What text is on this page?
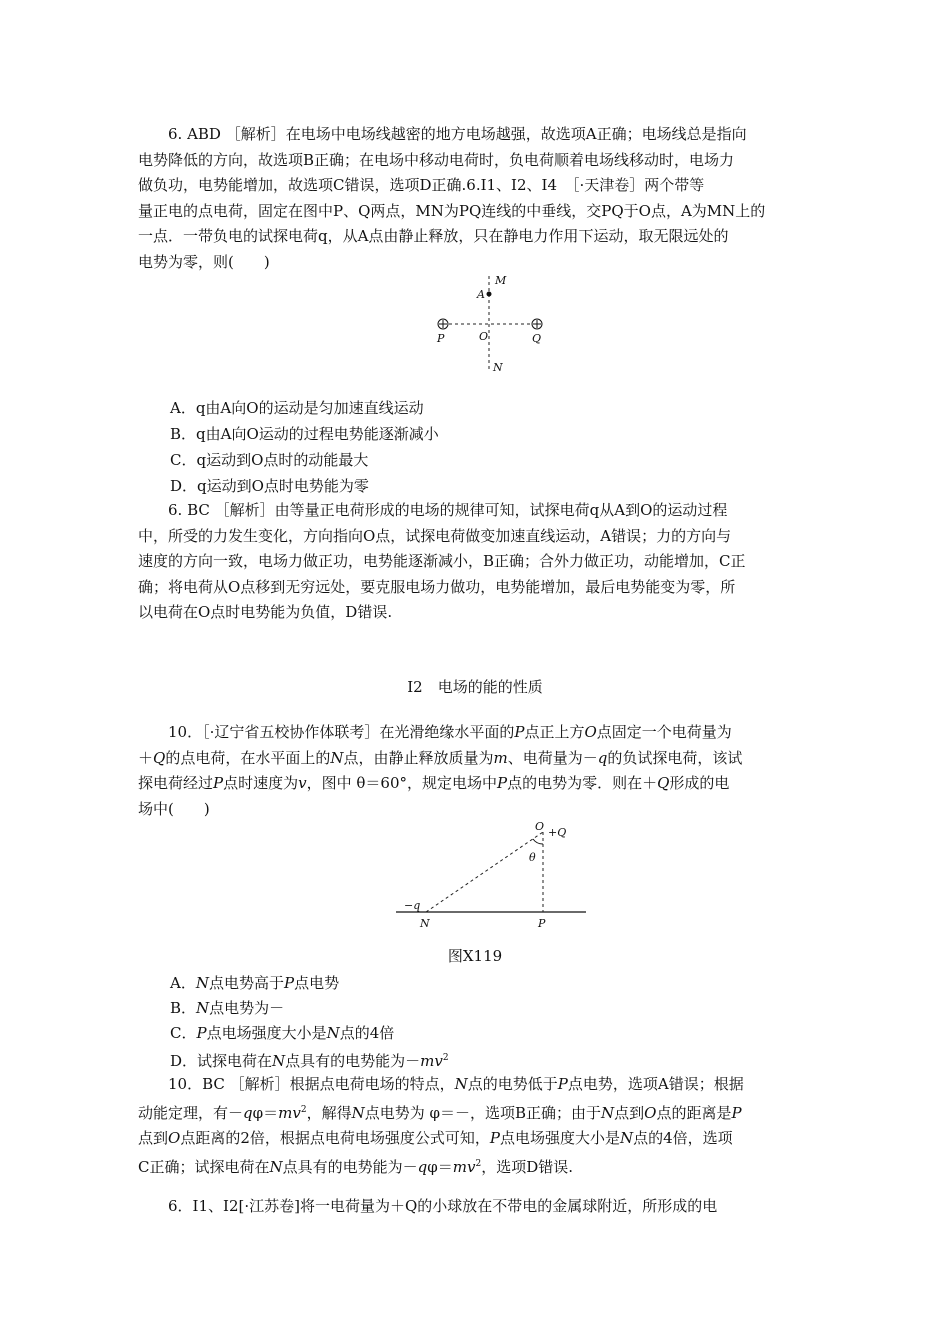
6. ABD ［解析］在电场中电场线越密的地方电场越强，故选项A正确；电场线总是指向
电势降低的方向，故选项B正确；在电场中移动电荷时，负电荷顺着电场线移动时，电场力
做负功，电势能增加，故选项C错误，选项D正确.6.I1、I2、I4　［·天津卷］两个带等
量正电的点电荷，固定在图中P、Q两点，MN为PQ连线的中垂线，交PQ于O点，A为MN上的
一点．一带负电的试探电荷q，从A点由静止释放，只在静电力作用下运动，取无限远处的
电势为零，则(　　)
M
A
P	O	Q
N
A．q由A向O的运动是匀加速直线运动
B．q由A向O运动的过程电势能逐渐减小
C．q运动到O点时的动能最大
D．q运动到O点时电势能为零
6. BC ［解析］由等量正电荷形成的电场的规律可知，试探电荷q从A到O的运动过程
中，所受的力发生变化，方向指向O点，试探电荷做变加速直线运动，A错误；力的方向与
速度的方向一致，电场力做正功，电势能逐渐减小，B正确；合外力做正功，动能增加，C正
确；将电荷从O点移到无穷远处，要克服电场力做功，电势能增加，最后电势能变为零，所
以电荷在O点时电势能为负值，D错误.
I2　电场的能的性质
10．［·辽宁省五校协作体联考］在光滑绝缘水平面的P点正上方O点固定一个电荷量为
＋Q的点电荷，在水平面上的N点，由静止释放质量为m、电荷量为－q的负试探电荷，该试
探电荷经过P点时速度为v，图中 θ＝60°，规定电场中P点的电势为零．则在＋Q形成的电
场中(　　)
O +Q
θ
−q
N	P
图X119
A．N点电势高于P点电势
B．N点电势为－
C．P点电场强度大小是N点的4倍
D．试探电荷在N点具有的电势能为$-mv^2$
10．BC ［解析］根据点电荷电场的特点，N点的电势低于P点电势，选项A错误；根据
动能定理，有$-q\varphi=mv^2$，解得N点电势为 φ＝－，选项B正确；由于N点到O点的距离是P
点到O点距离的2倍，根据点电荷电场强度公式可知，P点电场强度大小是N点的4倍，选项
C正确；试探电荷在N点具有的电势能为$-q\varphi=mv^2$，选项D错误.
6．I1、I2[·江苏卷]将一电荷量为＋Q的小球放在不带电的金属球附近，所形成的电
